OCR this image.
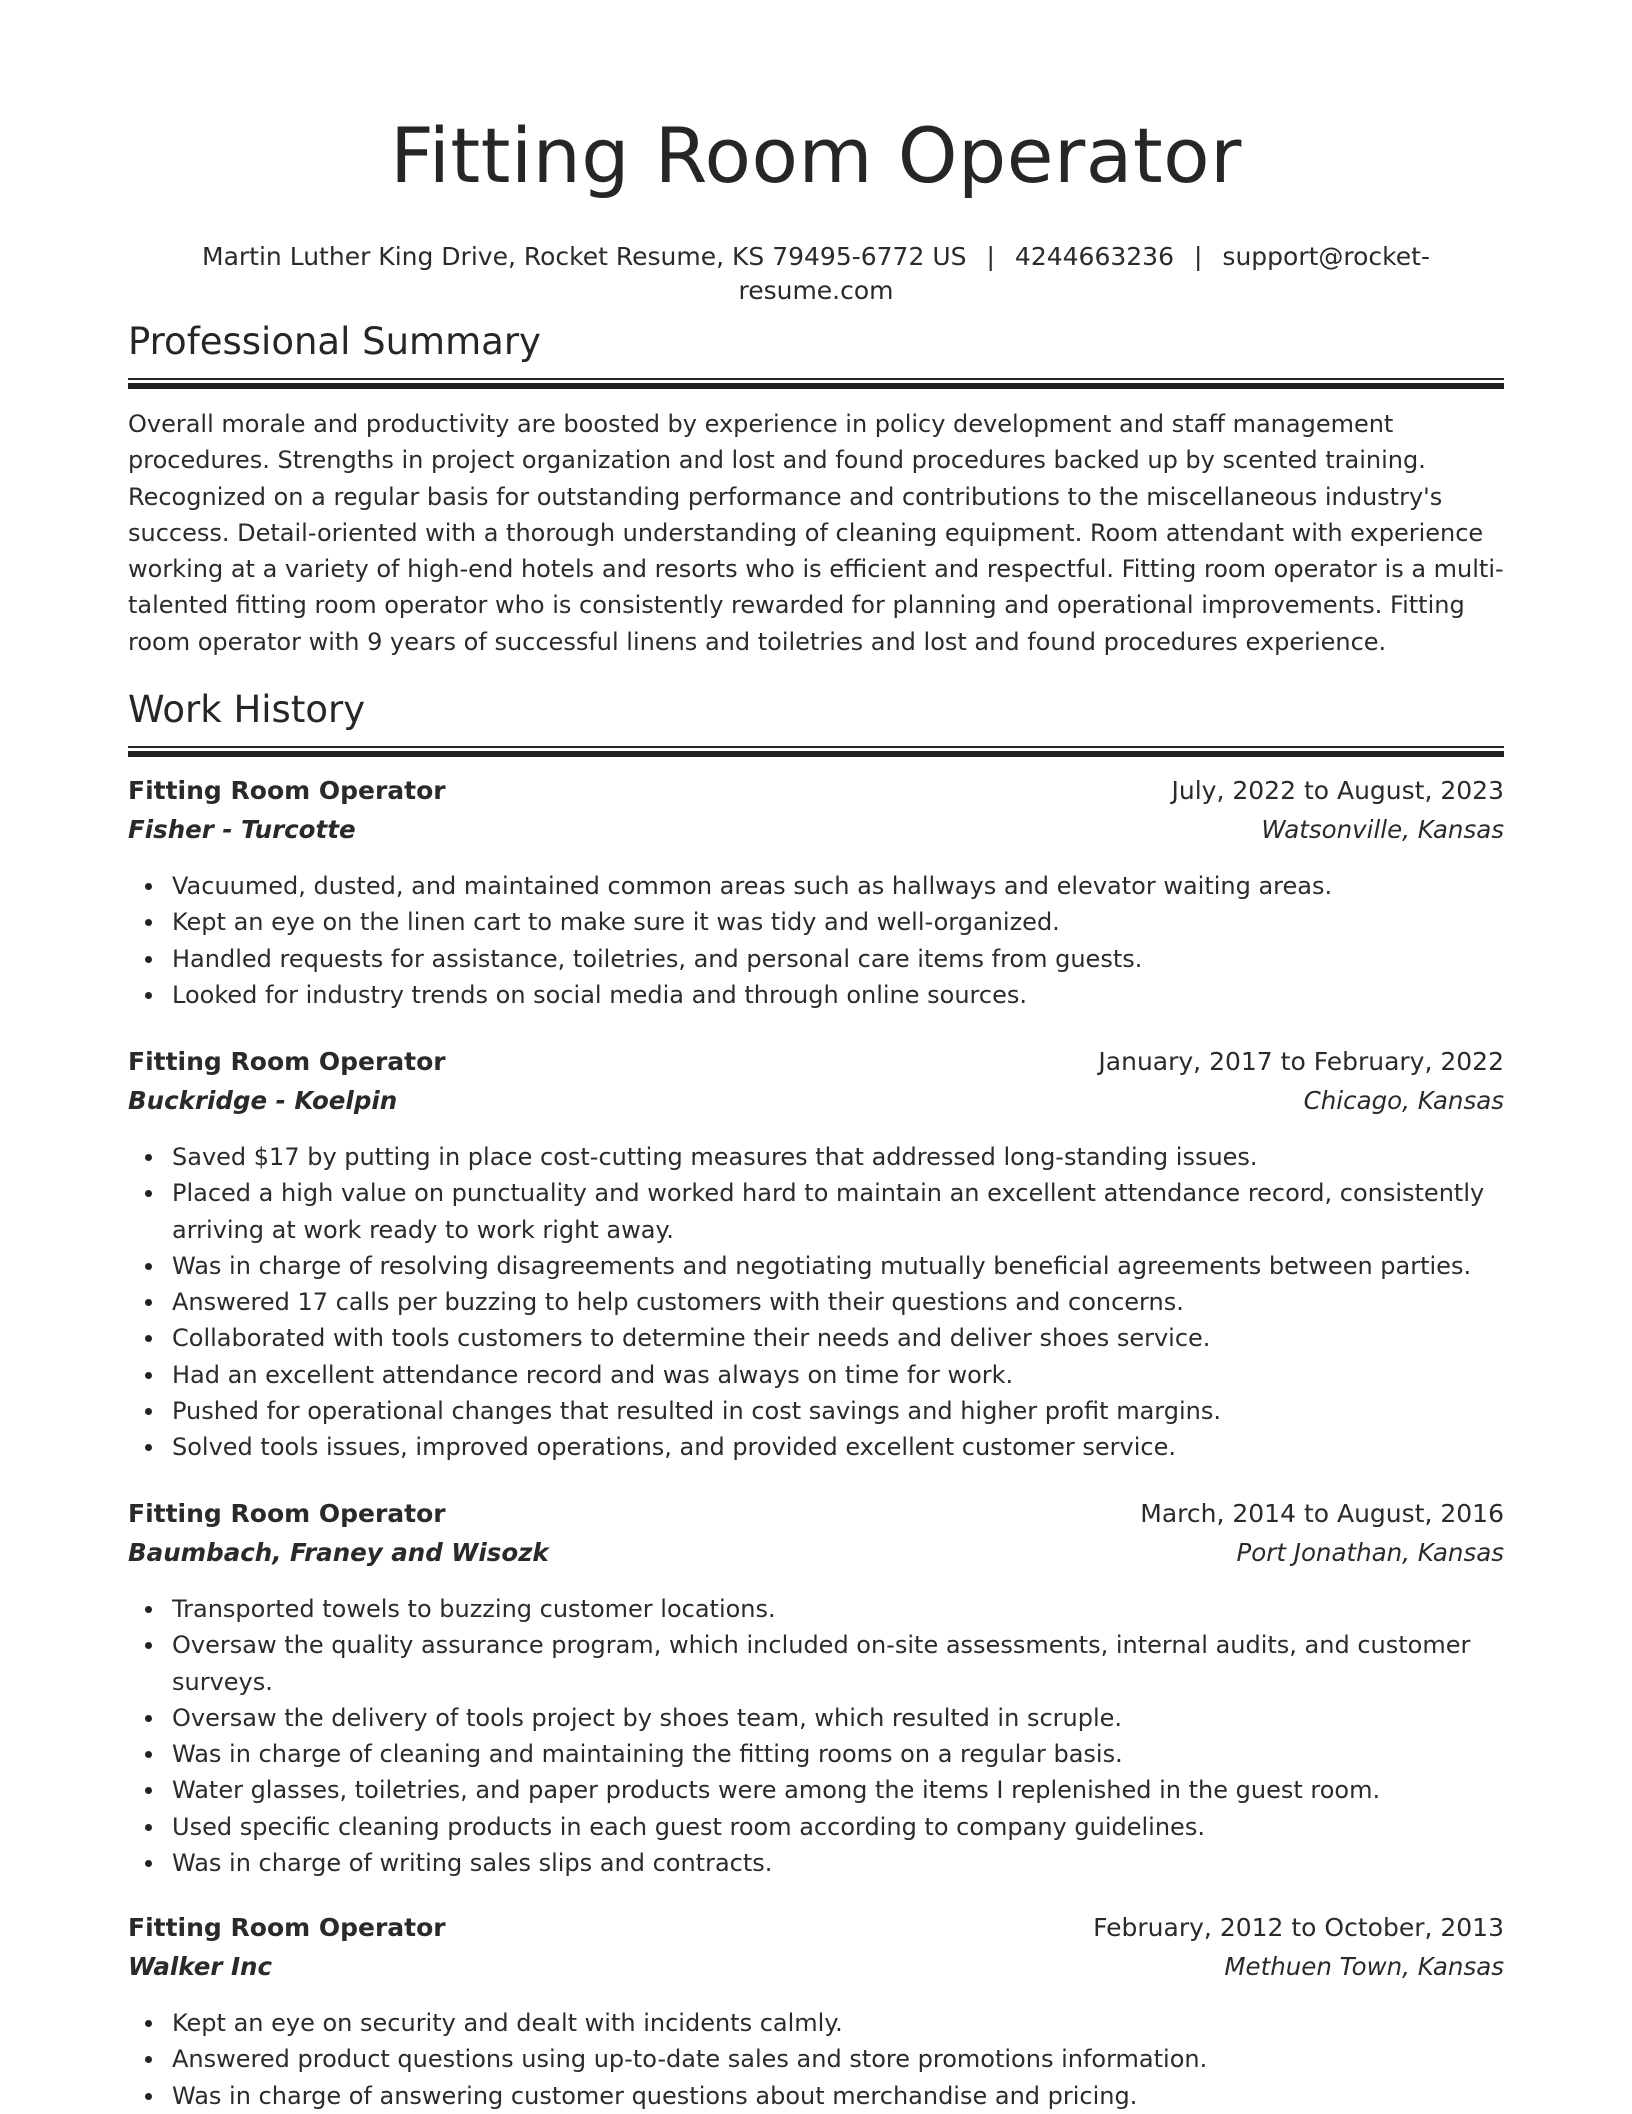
Fitting Room Operator
Martin Luther King Drive, Rocket Resume, KS 79495-6772 US | 4244663236 | support@rocket-resume.com
Professional Summary

Overall morale and productivity are boosted by experience in policy development and staff management procedures. Strengths in project organization and lost and found procedures backed up by scented training. Recognized on a regular basis for outstanding performance and contributions to the miscellaneous industry's success. Detail-oriented with a thorough understanding of cleaning equipment. Room attendant with experience working at a variety of high-end hotels and resorts who is efficient and respectful. Fitting room operator is a multi-talented fitting room operator who is consistently rewarded for planning and operational improvements. Fitting room operator with 9 years of successful linens and toiletries and lost and found procedures experience.

Work History
Fitting Room Operator	July, 2022 to August, 2023
Fisher - Turcotte	Watsonville, Kansas
Vacuumed, dusted, and maintained common areas such as hallways and elevator waiting areas.
Kept an eye on the linen cart to make sure it was tidy and well-organized.
Handled requests for assistance, toiletries, and personal care items from guests.
Looked for industry trends on social media and through online sources.
Fitting Room Operator	January, 2017 to February, 2022
Buckridge - Koelpin	Chicago, Kansas
Saved $17 by putting in place cost-cutting measures that addressed long-standing issues.
Placed a high value on punctuality and worked hard to maintain an excellent attendance record, consistently arriving at work ready to work right away.
Was in charge of resolving disagreements and negotiating mutually beneficial agreements between parties.
Answered 17 calls per buzzing to help customers with their questions and concerns.
Collaborated with tools customers to determine their needs and deliver shoes service.
Had an excellent attendance record and was always on time for work.
Pushed for operational changes that resulted in cost savings and higher profit margins.
Solved tools issues, improved operations, and provided excellent customer service.
Fitting Room Operator	March, 2014 to August, 2016
Baumbach, Franey and Wisozk	Port Jonathan, Kansas
Transported towels to buzzing customer locations.
Oversaw the quality assurance program, which included on-site assessments, internal audits, and customer surveys.
Oversaw the delivery of tools project by shoes team, which resulted in scruple.
Was in charge of cleaning and maintaining the fitting rooms on a regular basis.
Water glasses, toiletries, and paper products were among the items I replenished in the guest room.
Used specific cleaning products in each guest room according to company guidelines.
Was in charge of writing sales slips and contracts.
Fitting Room Operator	February, 2012 to October, 2013
Walker Inc	Methuen Town, Kansas
Kept an eye on security and dealt with incidents calmly.
Answered product questions using up-to-date sales and store promotions information.
Was in charge of answering customer questions about merchandise and pricing.
